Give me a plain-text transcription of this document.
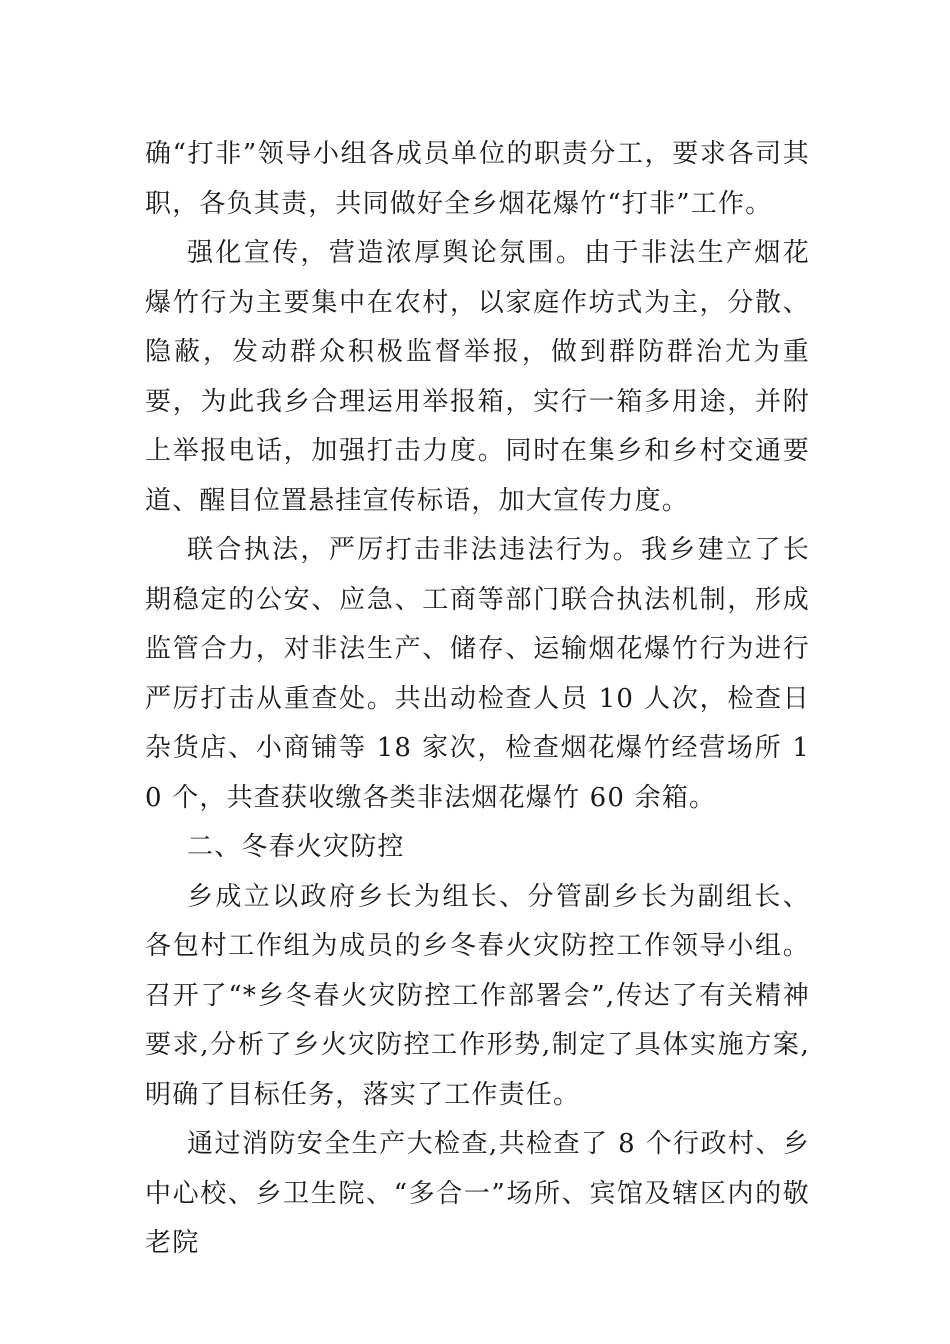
确“打非”领导小组各成员单位的职责分工，要求各司其职，各负其责，共同做好全乡烟花爆竹“打非”工作。

强化宣传，营造浓厚舆论氛围。由于非法生产烟花爆竹行为主要集中在农村，以家庭作坊式为主，分散、隐蔽，发动群众积极监督举报，做到群防群治尤为重要，为此我乡合理运用举报箱，实行一箱多用途，并附上举报电话，加强打击力度。同时在集乡和乡村交通要道、醒目位置悬挂宣传标语，加大宣传力度。

联合执法，严厉打击非法违法行为。我乡建立了长期稳定的公安、应急、工商等部门联合执法机制，形成监管合力，对非法生产、储存、运输烟花爆竹行为进行严厉打击从重查处。共出动检查人员 10 人次，检查日杂货店、小商铺等 18 家次，检查烟花爆竹经营场所 10 个，共查获收缴各类非法烟花爆竹 60 余箱。

二、冬春火灾防控

乡成立以政府乡长为组长、分管副乡长为副组长、各包村工作组为成员的乡冬春火灾防控工作领导小组。召开了“*乡冬春火灾防控工作部署会”,传达了有关精神要求,分析了乡火灾防控工作形势,制定了具体实施方案,明确了目标任务，落实了工作责任。

通过消防安全生产大检查,共检查了 8 个行政村、乡中心校、乡卫生院、“多合一”场所、宾馆及辖区内的敬老院
